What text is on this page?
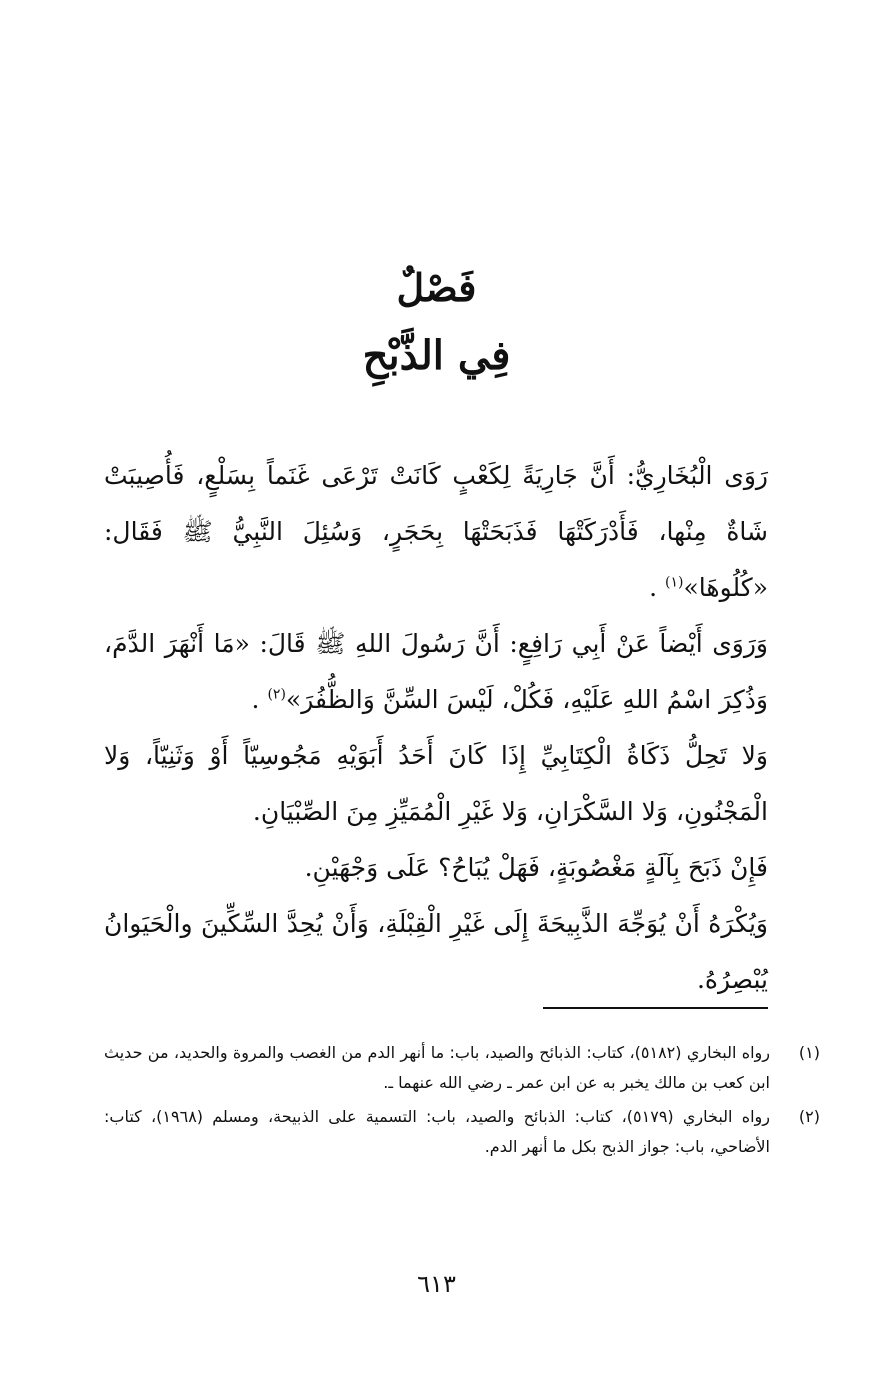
فَصْلٌ
فِي الذَّبْحِ

رَوَى الْبُخَارِيُّ: أَنَّ جَارِيَةً لِكَعْبٍ كَانَتْ تَرْعَى غَنَماً بِسَلْعٍ، فَأُصِيبَتْ شَاةٌ مِنْها، فَأَدْرَكَتْهَا فَذَبَحَتْهَا بِحَجَرٍ، وَسُئِلَ النَّبِيُّ ﷺ فَقَال: «كُلُوهَا»$^{(١)}$ .

وَرَوَى أَيْضاً عَنْ أَبِي رَافِعٍ: أَنَّ رَسُولَ اللهِ ﷺ قَالَ: «مَا أَنْهَرَ الدَّمَ، وَذُكِرَ اسْمُ اللهِ عَلَيْهِ، فَكُلْ، لَيْسَ السِّنَّ وَالظُّفُرَ»$^{(٢)}$ .

وَلا تَحِلُّ ذَكَاةُ الْكِتَابِيِّ إِذَا كَانَ أَحَدُ أَبَوَيْهِ مَجُوسِيّاً أَوْ وَثَنِيّاً، وَلا الْمَجْنُونِ، وَلا السَّكْرَانِ، وَلا غَيْرِ الْمُمَيِّزِ مِنَ الصِّبْيَانِ.

فَإِنْ ذَبَحَ بِآلَةٍ مَغْصُوبَةٍ، فَهَلْ يُبَاحُ؟ عَلَى وَجْهَيْنِ.

وَيُكْرَهُ أَنْ يُوَجِّهَ الذَّبِيحَةَ إِلَى غَيْرِ الْقِبْلَةِ، وَأَنْ يُحِدَّ السِّكِّينَ والْحَيَوانُ يُبْصِرُهُ.

(١)
رواه البخاري (٥١٨٢)، كتاب: الذبائح والصيد، باب: ما أنهر الدم من الغصب والمروة والحديد، من حديث ابن كعب بن مالك يخبر به عن ابن عمر ـ رضي الله عنهما ـ.
(٢)
رواه البخاري (٥١٧٩)، كتاب: الذبائح والصيد، باب: التسمية على الذبيحة، ومسلم (١٩٦٨)، كتاب: الأضاحي، باب: جواز الذبح بكل ما أنهر الدم.
٦١٣
